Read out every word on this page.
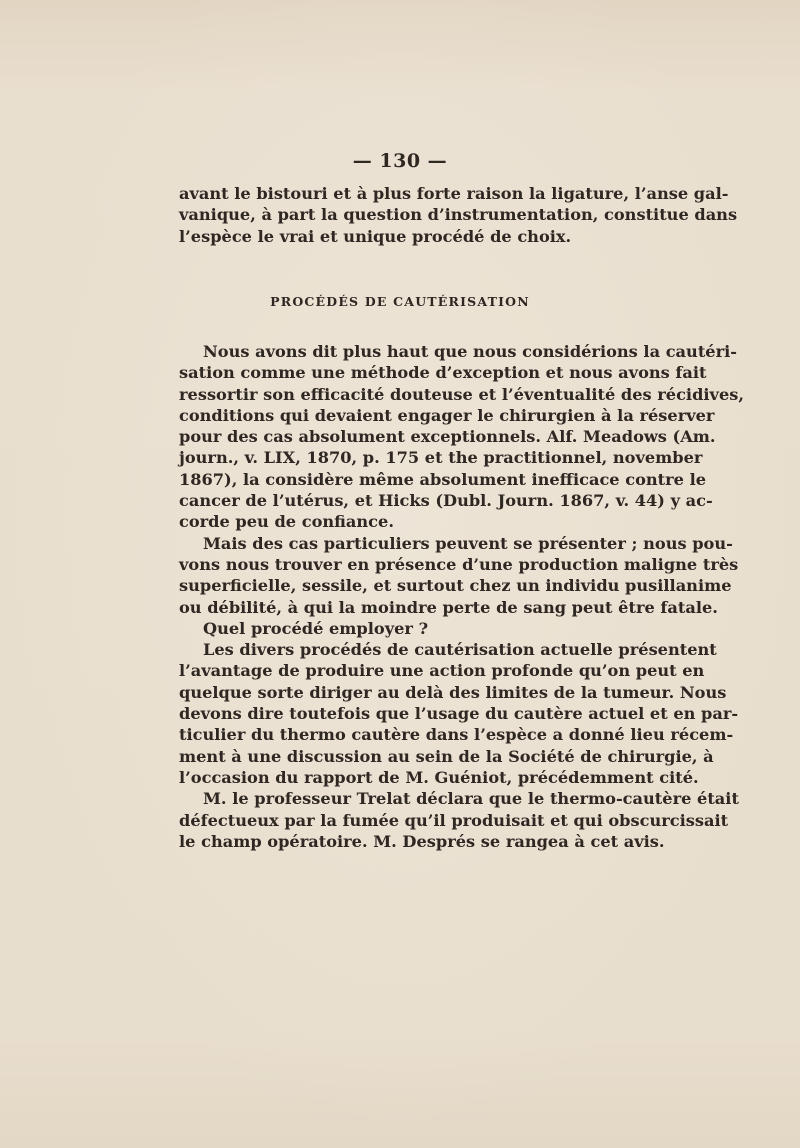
— 130 —
avant le bistouri et à plus forte raison la ligature, l’anse gal-
vanique, à part la question d’instrumentation, constitue dans
l’espèce le vrai et unique procédé de choix.
PROCÉDÉS DE CAUTÉRISATION
Nous avons dit plus haut que nous considérions la cautéri-
sation comme une méthode d’exception et nous avons fait
ressortir son efficacité douteuse et l’éventualité des récidives,
conditions qui devaient engager le chirurgien à la réserver
pour des cas absolument exceptionnels. Alf. Meadows (Am.
journ., v. LIX, 1870, p. 175 et the practitionnel, november
1867), la considère même absolument inefficace contre le
cancer de l’utérus, et Hicks (Dubl. Journ. 1867, v. 44) y ac-
corde peu de confiance.
Mais des cas particuliers peuvent se présenter ; nous pou-
vons nous trouver en présence d’une production maligne très
superficielle, sessile, et surtout chez un individu pusillanime
ou débilité, à qui la moindre perte de sang peut être fatale.
Quel procédé employer ?
Les divers procédés de cautérisation actuelle présentent
l’avantage de produire une action profonde qu’on peut en
quelque sorte diriger au delà des limites de la tumeur. Nous
devons dire toutefois que l’usage du cautère actuel et en par-
ticulier du thermo cautère dans l’espèce a donné lieu récem-
ment à une discussion au sein de la Société de chirurgie, à
l’occasion du rapport de M. Guéniot, précédemment cité.
M. le professeur Trelat déclara que le thermo-cautère était
défectueux par la fumée qu’il produisait et qui obscurcissait
le champ opératoire. M. Després se rangea à cet avis.
